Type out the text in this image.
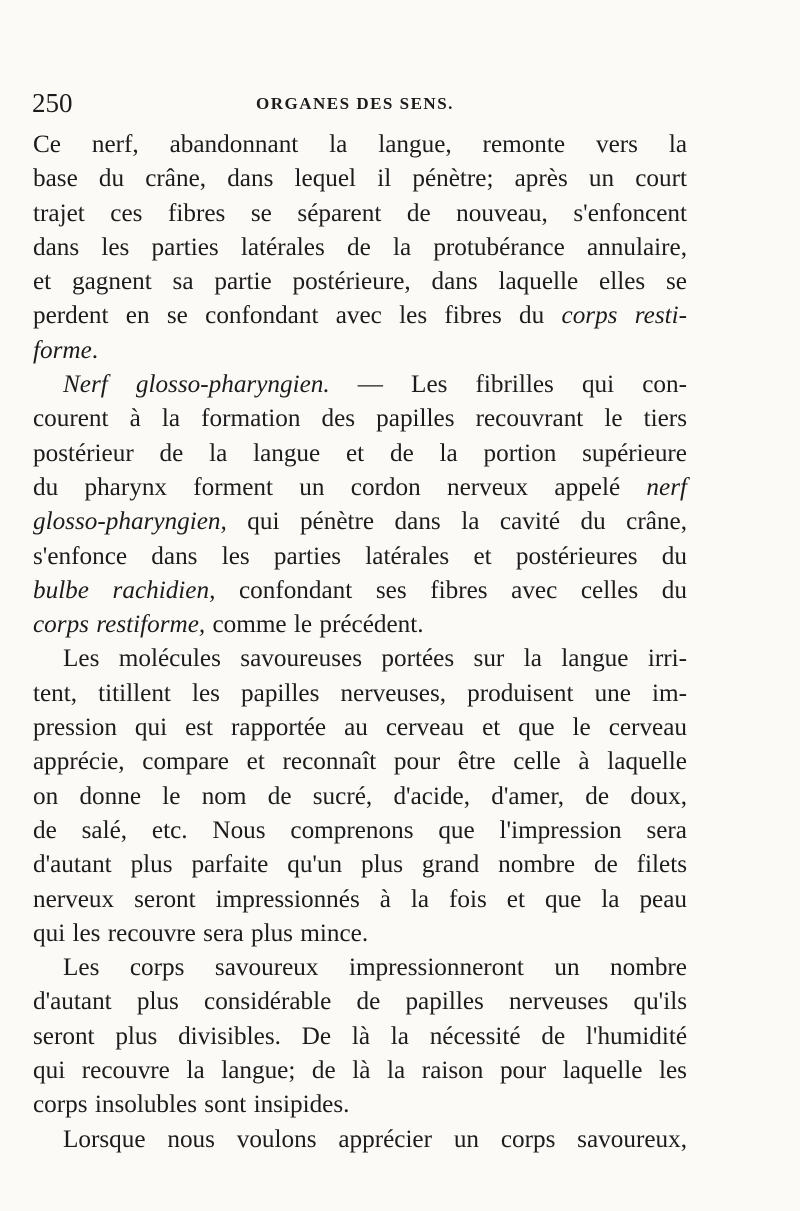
250	ORGANES DES SENS.

Ce nerf, abandonnant la langue, remonte vers la
base du crâne, dans lequel il pénètre; après un court
trajet ces fibres se séparent de nouveau, s'enfoncent
dans les parties latérales de la protubérance annulaire,
et gagnent sa partie postérieure, dans laquelle elles se
perdent en se confondant avec les fibres du corps resti-
forme.

Nerf glosso-pharyngien. — Les fibrilles qui con-
courent à la formation des papilles recouvrant le tiers
postérieur de la langue et de la portion supérieure
du pharynx forment un cordon nerveux appelé nerf
glosso-pharyngien, qui pénètre dans la cavité du crâne,
s'enfonce dans les parties latérales et postérieures du
bulbe rachidien, confondant ses fibres avec celles du
corps restiforme, comme le précédent.

Les molécules savoureuses portées sur la langue irri-
tent, titillent les papilles nerveuses, produisent une im-
pression qui est rapportée au cerveau et que le cerveau
apprécie, compare et reconnaît pour être celle à laquelle
on donne le nom de sucré, d'acide, d'amer, de doux,
de salé, etc. Nous comprenons que l'impression sera
d'autant plus parfaite qu'un plus grand nombre de filets
nerveux seront impressionnés à la fois et que la peau
qui les recouvre sera plus mince.

Les corps savoureux impressionneront un nombre
d'autant plus considérable de papilles nerveuses qu'ils
seront plus divisibles. De là la nécessité de l'humidité
qui recouvre la langue; de là la raison pour laquelle les
corps insolubles sont insipides.

Lorsque nous voulons apprécier un corps savoureux,
